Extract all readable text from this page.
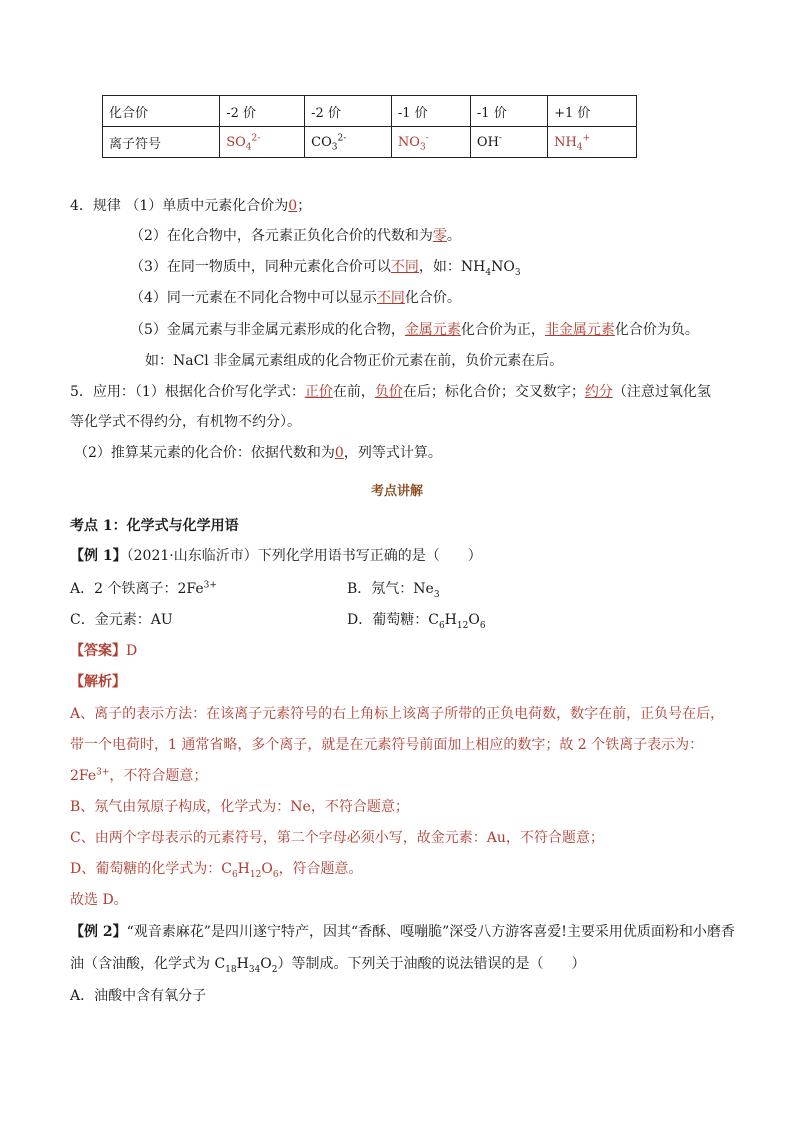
化合价	-2 价	-2 价	-1 价	-1 价	+1 价
离子符号	$SO_4^{2-}$	$CO_3^{2-}$	$NO_3^-$	OH-	$NH_4^+$
4．规律 （1）单质中元素化合价为0；
（2）在化合物中，各元素正负化合价的代数和为零。
（3）在同一物质中，同种元素化合价可以不同，如：$NH_4NO_3$
（4）同一元素在不同化合物中可以显示不同化合价。
（5）金属元素与非金属元素形成的化合物，金属元素化合价为正，非金属元素化合价为负。
如：NaCl 非金属元素组成的化合物正价元素在前，负价元素在后。
5．应用：（1）根据化合价写化学式：正价在前，负价在后；标化合价；交叉数字；约分（注意过氧化氢
等化学式不得约分，有机物不约分）。
（2）推算某元素的化合价：依据代数和为0，列等式计算。
考点讲解
考点 1：化学式与化学用语
【例 1】（2021·山东临沂市）下列化学用语书写正确的是（　　）
A．2 个铁离子：$2Fe^{3+}$	B．氖气：$Ne_3$
C．金元素：AU	D．葡萄糖：$C_6H_{12}O_6$
【答案】D
【解析】
A、离子的表示方法：在该离子元素符号的右上角标上该离子所带的正负电荷数，数字在前，正负号在后，
带一个电荷时，1 通常省略，多个离子，就是在元素符号前面加上相应的数字；故 2 个铁离子表示为：
$2Fe^{3+}$，不符合题意；
B、氖气由氖原子构成，化学式为：Ne，不符合题意；
C、由两个字母表示的元素符号，第二个字母必须小写，故金元素：Au，不符合题意；
D、葡萄糖的化学式为：$C_6H_{12}O_6$，符合题意。
故选 D。
【例 2】“观音素麻花”是四川遂宁特产，因其“香酥、嘎嘣脆”深受八方游客喜爱!主要采用优质面粉和小磨香
油（含油酸，化学式为 $C_{18}H_{34}O_2$）等制成。下列关于油酸的说法错误的是（　　）
A．油酸中含有氧分子
